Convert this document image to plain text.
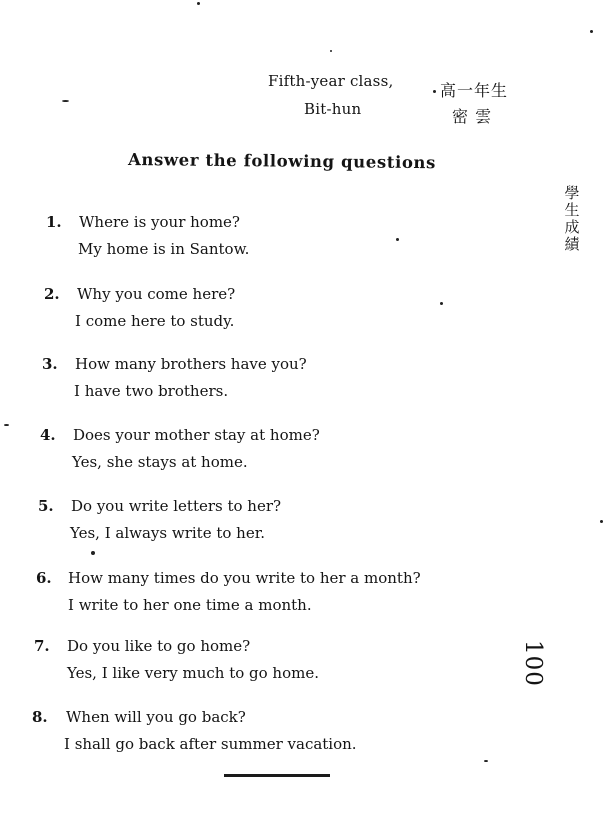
Fifth-year class,	高一年生
Bit-hun	密 雲
Answer the following questions
學生成績
100
1. Where is your home?
My home is in Santow.
2. Why you come here?
I come here to study.
3. How many brothers have you?
I have two brothers.
4. Does your mother stay at home?
Yes, she stays at home.
5. Do you write letters to her?
Yes, I always write to her.
6. How many times do you write to her a month?
I write to her one time a month.
7. Do you like to go home?
Yes, I like very much to go home.
8. When will you go back?
I shall go back after summer vacation.
